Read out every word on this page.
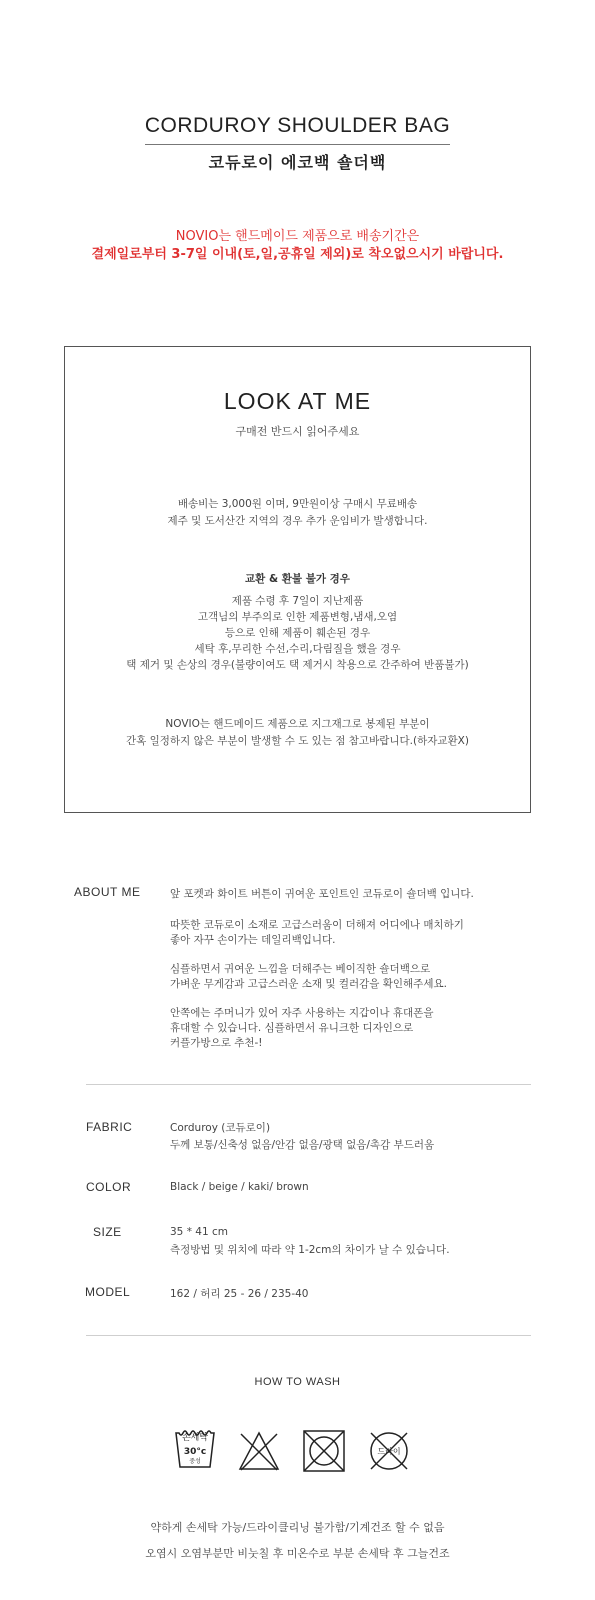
CORDUROY SHOULDER BAG
코듀로이 에코백 숄더백
NOVIO는 핸드메이드 제품으로 배송기간은
결제일로부터 3-7일 이내(토,일,공휴일 제외)로 착오없으시기 바랍니다.
LOOK AT ME
구매전 반드시 읽어주세요
배송비는 3,000원 이며, 9만원이상 구매시 무료배송
제주 및 도서산간 지역의 경우 추가 운임비가 발생합니다.
교환 & 환불 불가 경우
제품 수령 후 7일이 지난제품
고객님의 부주의로 인한 제품변형,냄새,오염
등으로 인해 제품이 훼손된 경우
세탁 후,무리한 수선,수리,다림질을 했을 경우
택 제거 및 손상의 경우(불량이여도 택 제거시 착용으로 간주하여 반품불가)
NOVIO는 핸드메이드 제품으로 지그재그로 봉제된 부분이
간혹 일정하지 않은 부분이 발생할 수 도 있는 점 참고바랍니다.(하자교환X)
ABOUT ME	앞 포켓과 화이트 버튼이 귀여운 포인트인 코듀로이 숄더백 입니다.
따뜻한 코듀로이 소재로 고급스러움이 더해져 어디에나 매치하기
좋아 자꾸 손이가는 데일리백입니다.
심플하면서 귀여운 느낌을 더해주는 베이직한 숄더백으로
가벼운 무게감과 고급스러운 소재 및 컬러감을 확인해주세요.
안쪽에는 주머니가 있어 자주 사용하는 지갑이나 휴대폰을
휴대할 수 있습니다. 심플하면서 유니크한 디자인으로
커플가방으로 추천-!
FABRIC	Corduroy (코듀로이)
두께 보통/신축성 없음/안감 없음/광택 없음/촉감 부드러움
COLOR	Black / beige / kaki/ brown
SIZE	35 * 41 cm
측정방법 및 위치에 따라 약 1-2cm의 차이가 날 수 있습니다.
MODEL	162 / 허리 25 - 26 / 235-40
HOW TO WASH
손세탁
30°c
중성
드라이
약하게 손세탁 가능/드라이클리닝 불가함/기계건조 할 수 없음
오염시 오염부분만 비눗칠 후 미온수로 부분 손세탁 후 그늘건조
